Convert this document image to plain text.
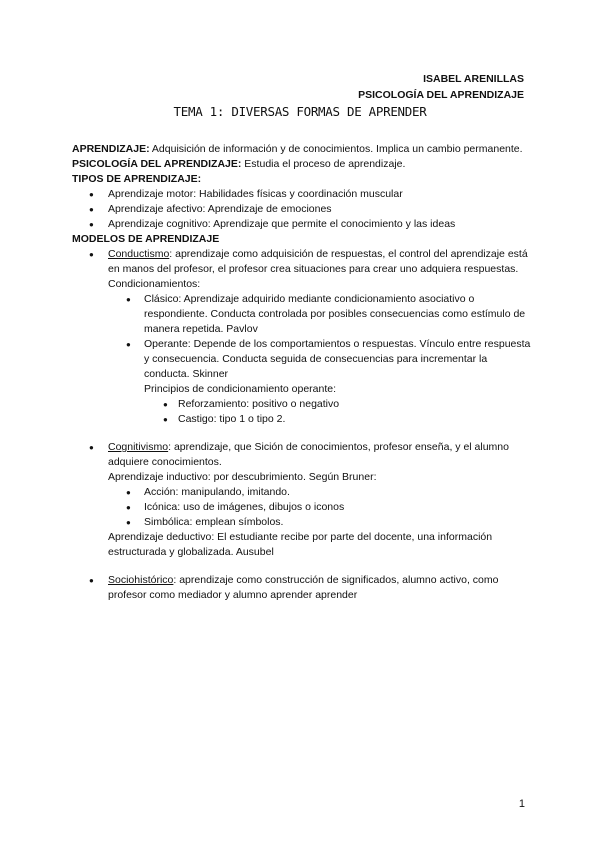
ISABEL ARENILLAS
PSICOLOGÍA DEL APRENDIZAJE
TEMA 1: DIVERSAS FORMAS DE APRENDER

APRENDIZAJE: Adquisición de información y de conocimientos. Implica un cambio permanente.

PSICOLOGÍA DEL APRENDIZAJE: Estudia el proceso de aprendizaje.

TIPOS DE APRENDIZAJE:

● Aprendizaje motor: Habilidades físicas y coordinación muscular
● Aprendizaje afectivo: Aprendizaje de emociones
● Aprendizaje cognitivo: Aprendizaje que permite el conocimiento y las ideas

MODELOS DE APRENDIZAJE

● Conductismo: aprendizaje como adquisición de respuestas, el control del aprendizaje está en manos del profesor, el profesor crea situaciones para crear uno adquiera respuestas.
Condicionamientos:
● Clásico: Aprendizaje adquirido mediante condicionamiento asociativo o respondiente. Conducta controlada por posibles consecuencias como estímulo de manera repetida. Pavlov
● Operante: Depende de los comportamientos o respuestas. Vínculo entre respuesta y consecuencia. Conducta seguida de consecuencias para incrementar la conducta. Skinner
Principios de condicionamiento operante:
● Reforzamiento: positivo o negativo
● Castigo: tipo 1 o tipo 2.
● Cognitivismo: aprendizaje, que Sición de conocimientos, profesor enseña, y el alumno adquiere conocimientos.
Aprendizaje inductivo: por descubrimiento. Según Bruner:
● Acción: manipulando, imitando.
● Icónica: uso de imágenes, dibujos o iconos
● Simbólica: emplean símbolos.
Aprendizaje deductivo: El estudiante recibe por parte del docente, una información estructurada y globalizada. Ausubel
● Sociohistórico: aprendizaje como construcción de significados, alumno activo, como profesor como mediador y alumno aprender aprender
1
